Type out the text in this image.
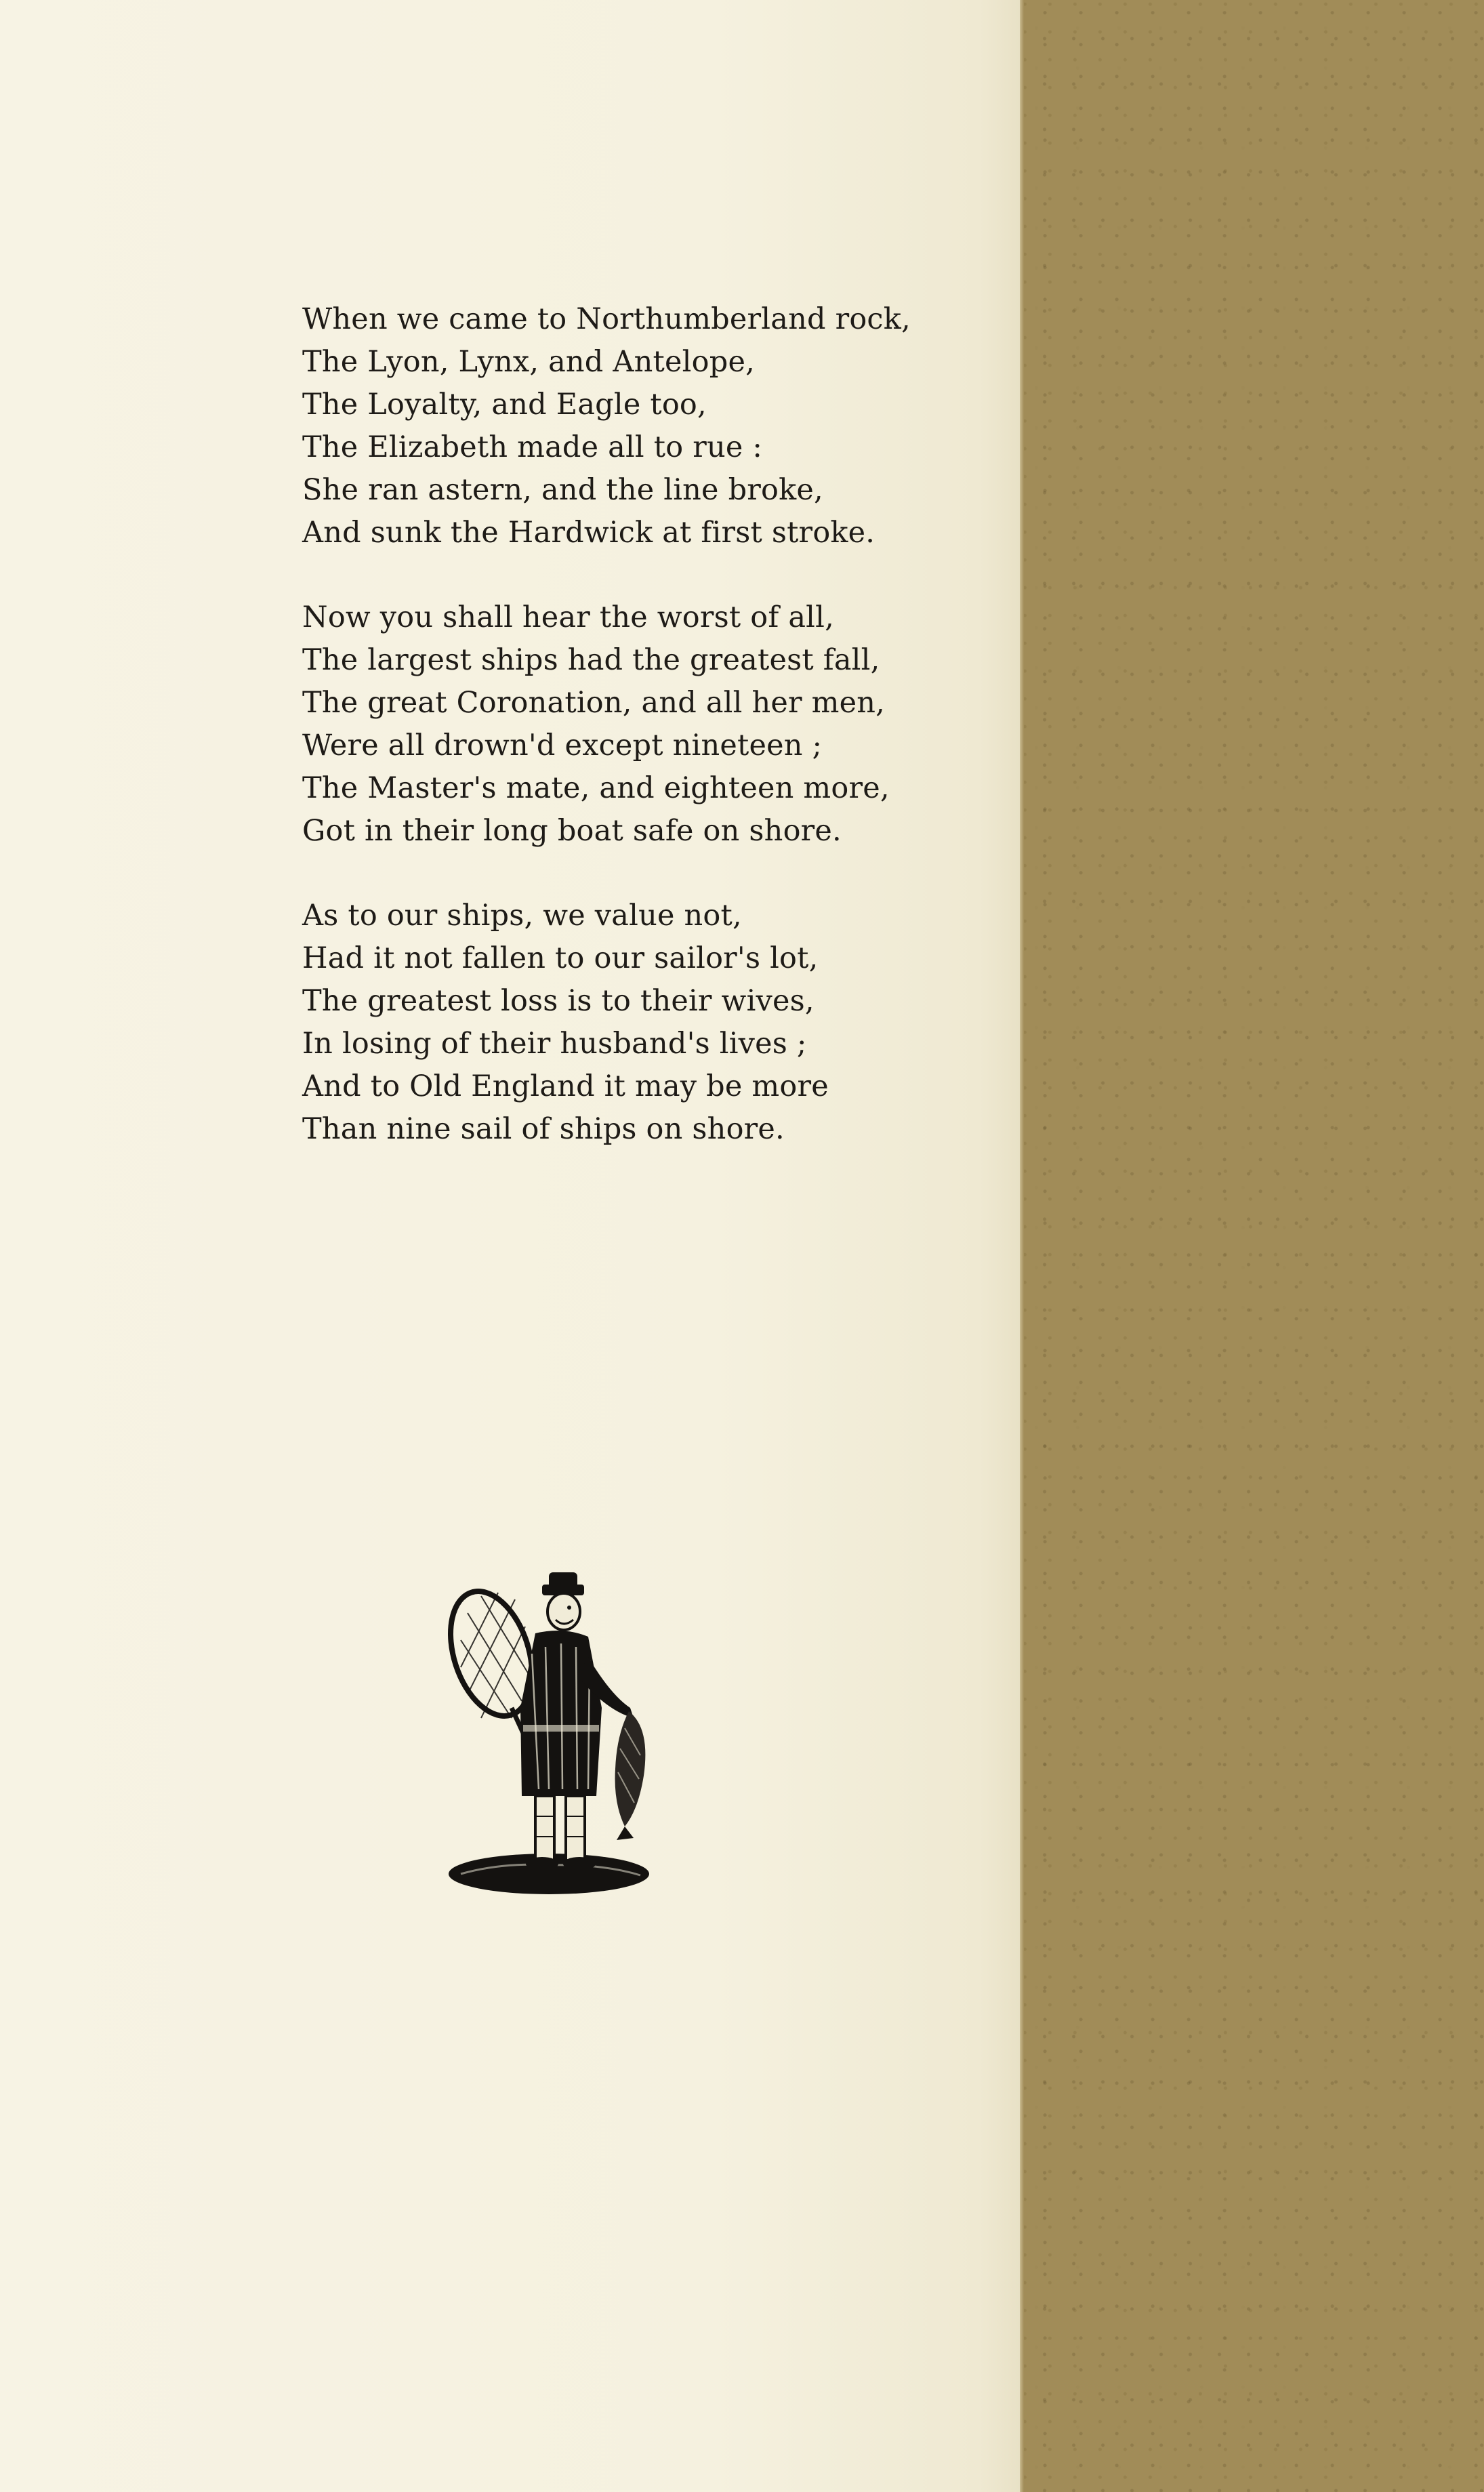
When we came to Northumberland rock,
The Lyon, Lynx, and Antelope,
The Loyalty, and Eagle too,
The Elizabeth made all to rue :
She ran astern, and the line broke,
And sunk the Hardwick at first stroke.
Now you shall hear the worst of all,
The largest ships had the greatest fall,
The great Coronation, and all her men,
Were all drown'd except nineteen ;
The Master's mate, and eighteen more,
Got in their long boat safe on shore.
As to our ships, we value not,
Had it not fallen to our sailor's lot,
The greatest loss is to their wives,
In losing of their husband's lives ;
And to Old England it may be more
Than nine sail of ships on shore.
